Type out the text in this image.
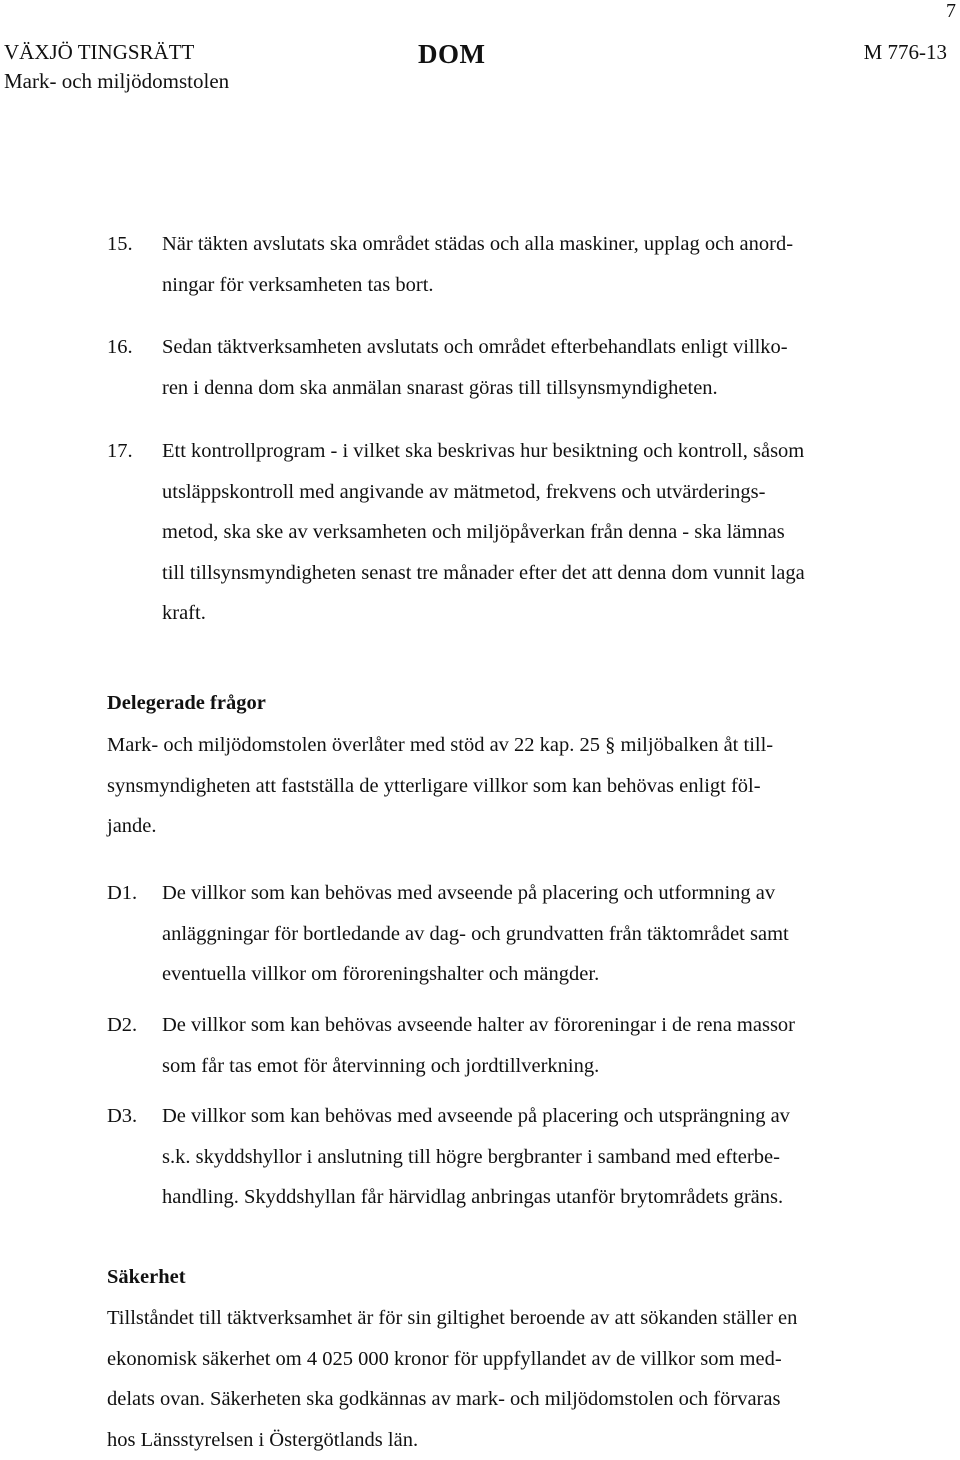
7
VÄXJÖ TINGSRÄTT
Mark- och miljödomstolen
DOM	M 776-13
15.	När täkten avslutats ska området städas och alla maskiner, upplag och anord-
ningar för verksamheten tas bort.
16.	Sedan täktverksamheten avslutats och området efterbehandlats enligt villko-
ren i denna dom ska anmälan snarast göras till tillsynsmyndigheten.
17.	Ett kontrollprogram - i vilket ska beskrivas hur besiktning och kontroll, såsom
utsläppskontroll med angivande av mätmetod, frekvens och utvärderings-
metod, ska ske av verksamheten och miljöpåverkan från denna - ska lämnas
till tillsynsmyndigheten senast tre månader efter det att denna dom vunnit laga
kraft.
Delegerade frågor
Mark- och miljödomstolen överlåter med stöd av 22 kap. 25 § miljöbalken åt till-
synsmyndigheten att fastställa de ytterligare villkor som kan behövas enligt föl-
jande.
D1.	De villkor som kan behövas med avseende på placering och utformning av
anläggningar för bortledande av dag- och grundvatten från täktområdet samt
eventuella villkor om föroreningshalter och mängder.
D2.	De villkor som kan behövas avseende halter av föroreningar i de rena massor
som får tas emot för återvinning och jordtillverkning.
D3.	De villkor som kan behövas med avseende på placering och utsprängning av
s.k. skyddshyllor i anslutning till högre bergbranter i samband med efterbe-
handling. Skyddshyllan får härvidlag anbringas utanför brytområdets gräns.
Säkerhet
Tillståndet till täktverksamhet är för sin giltighet beroende av att sökanden ställer en
ekonomisk säkerhet om 4 025 000 kronor för uppfyllandet av de villkor som med-
delats ovan. Säkerheten ska godkännas av mark- och miljödomstolen och förvaras
hos Länsstyrelsen i Östergötlands län.
